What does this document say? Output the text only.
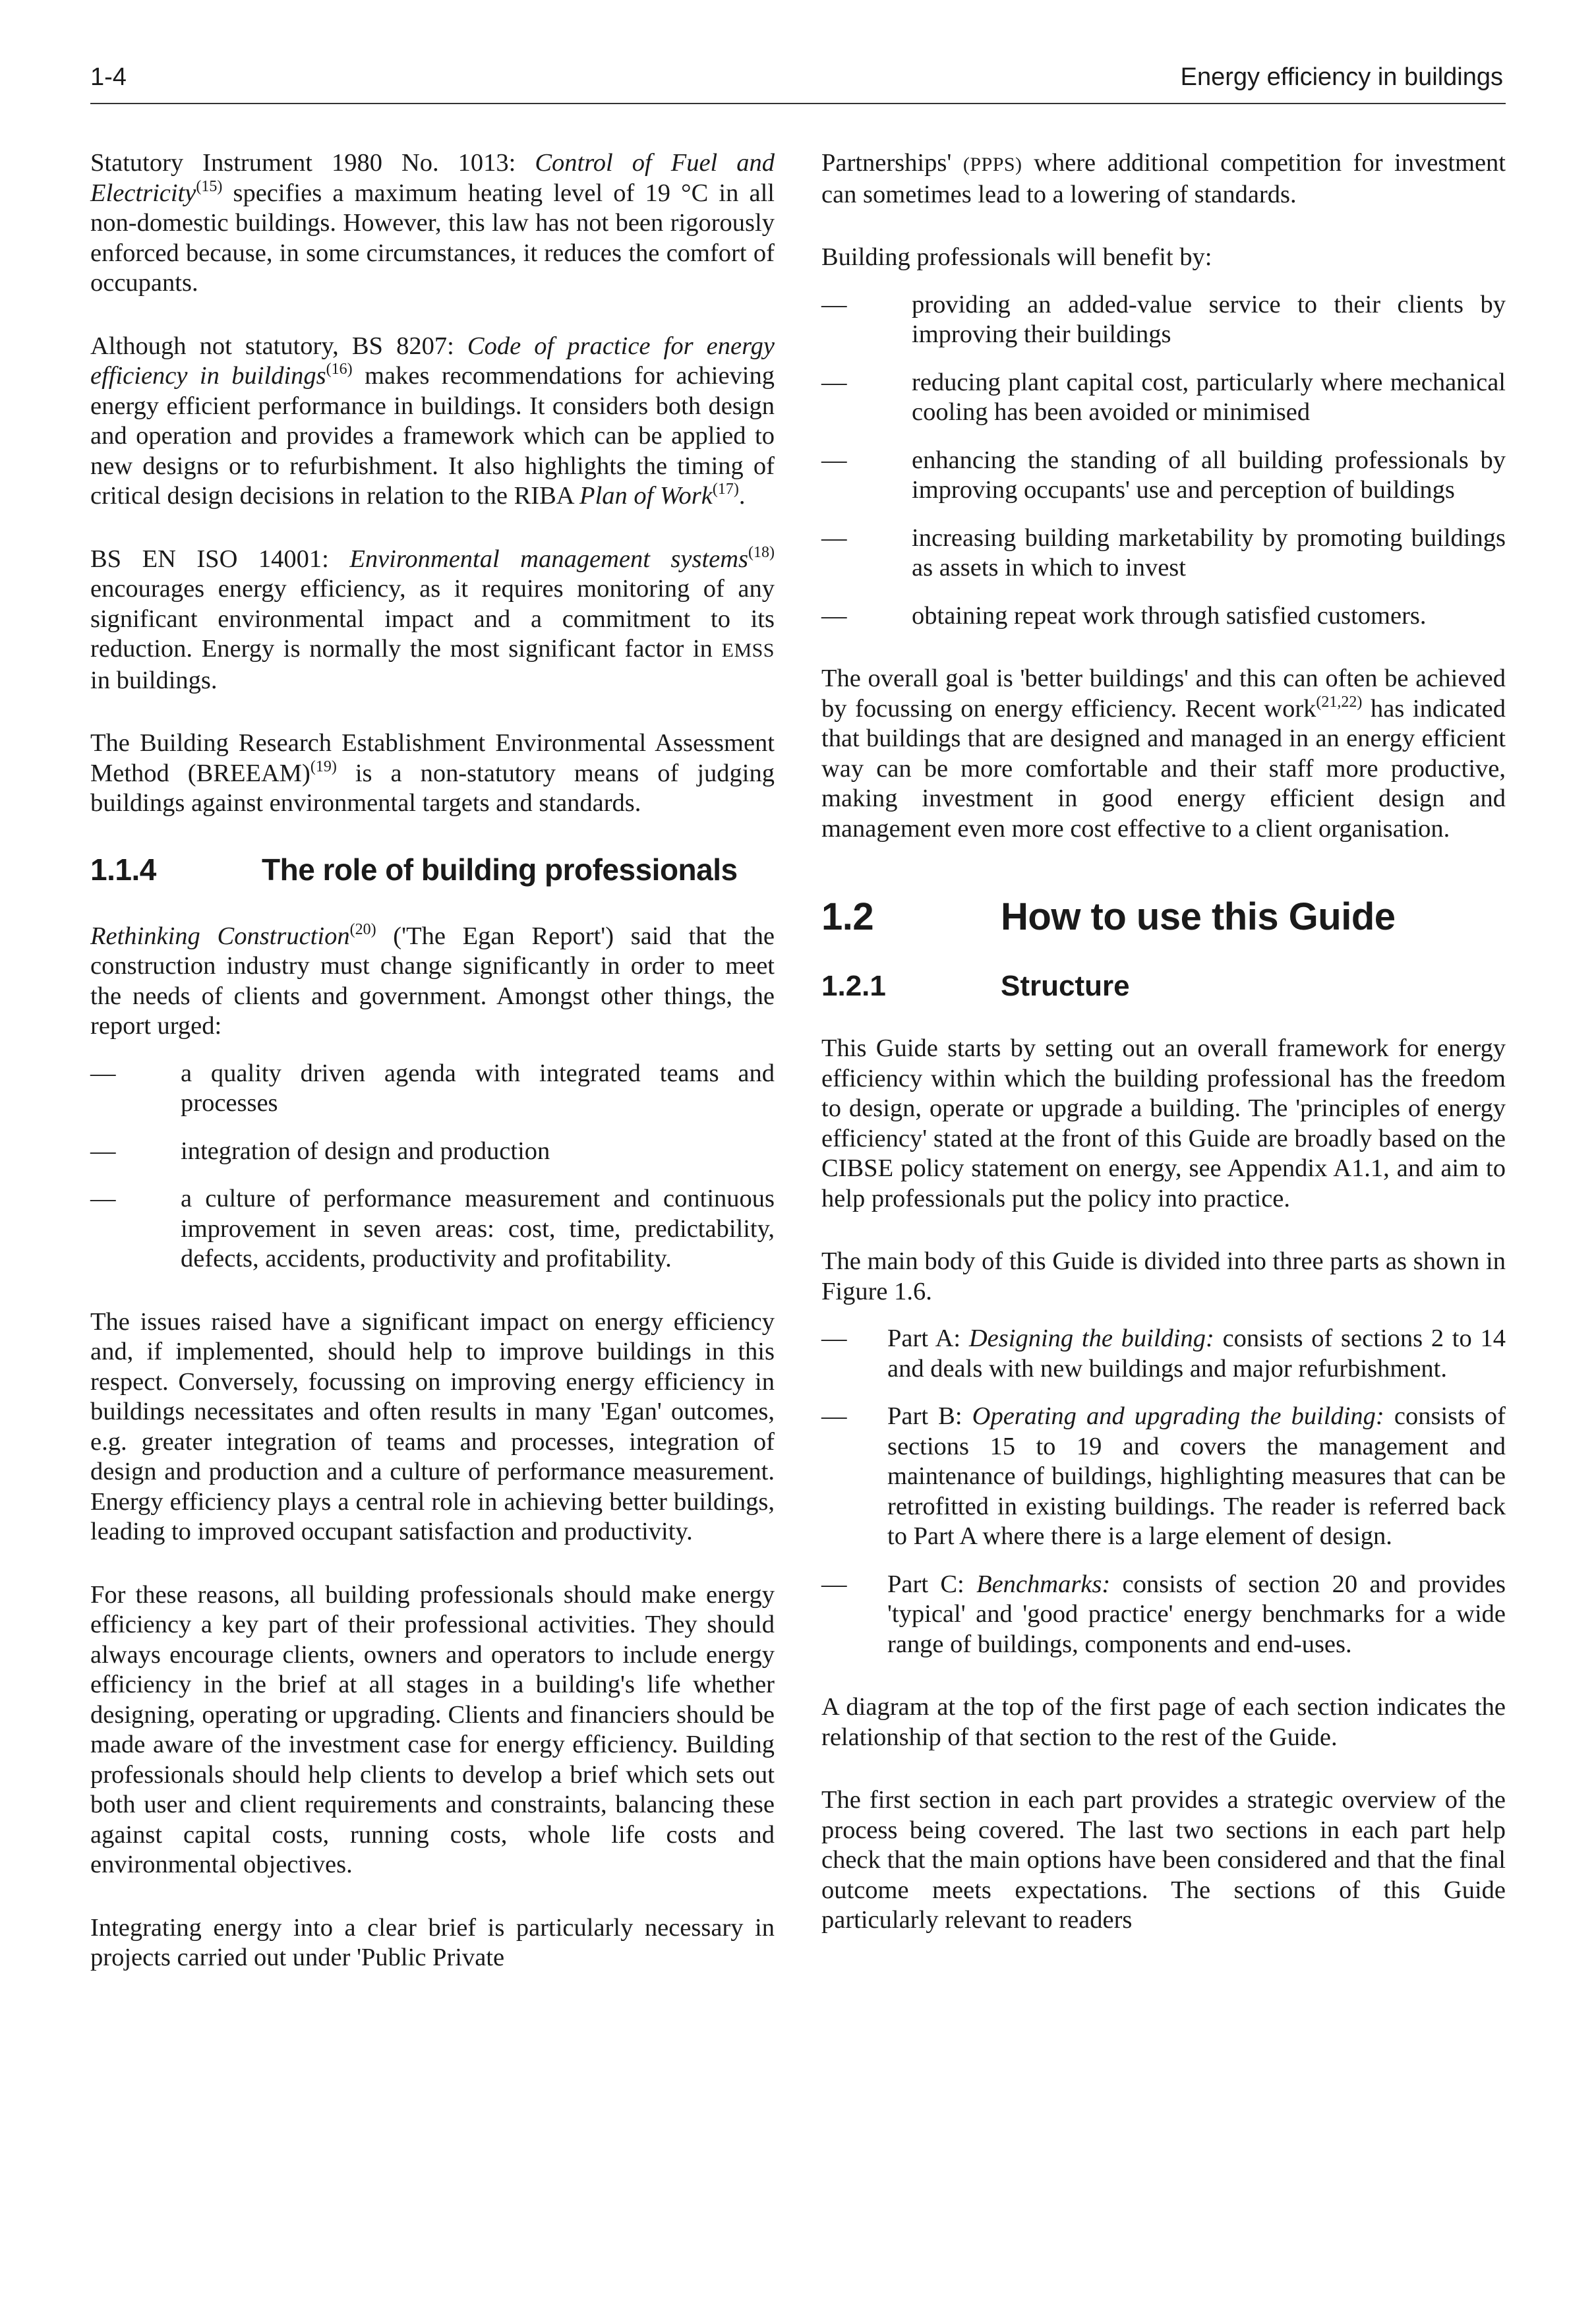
1-4	Energy efficiency in buildings

Statutory Instrument 1980 No. 1013: Control of Fuel and Electricity$^{(15)}$ specifies a maximum heating level of 19 °C in all non-domestic buildings. However, this law has not been rigorously enforced because, in some circumstances, it reduces the comfort of occupants.

Although not statutory, BS 8207: Code of practice for energy efficiency in buildings$^{(16)}$ makes recommendations for achieving energy efficient performance in buildings. It considers both design and operation and provides a framework which can be applied to new designs or to refurbishment. It also highlights the timing of critical design decisions in relation to the RIBA Plan of Work$^{(17)}$.

BS EN ISO 14001: Environmental management systems$^{(18)}$ encourages energy efficiency, as it requires monitoring of any significant environmental impact and a commitment to its reduction. Energy is normally the most significant factor in EMSS in buildings.

The Building Research Establishment Environmental Assessment Method (BREEAM)$^{(19)}$ is a non-statutory means of judging buildings against environmental targets and standards.

1.1.4	The role of building professionals

Rethinking Construction$^{(20)}$ ('The Egan Report') said that the construction industry must change significantly in order to meet the needs of clients and government. Amongst other things, the report urged:

—	a quality driven agenda with integrated teams and processes
—	integration of design and production
—	a culture of performance measurement and continuous improvement in seven areas: cost, time, predictability, defects, accidents, productivity and profitability.

The issues raised have a significant impact on energy efficiency and, if implemented, should help to improve buildings in this respect. Conversely, focussing on improving energy efficiency in buildings necessitates and often results in many 'Egan' outcomes, e.g. greater integration of teams and processes, integration of design and production and a culture of performance measurement. Energy efficiency plays a central role in achieving better buildings, leading to improved occupant satisfaction and productivity.

For these reasons, all building professionals should make energy efficiency a key part of their professional activities. They should always encourage clients, owners and operators to include energy efficiency in the brief at all stages in a building's life whether designing, operating or upgrading. Clients and financiers should be made aware of the investment case for energy efficiency. Building professionals should help clients to develop a brief which sets out both user and client requirements and constraints, balancing these against capital costs, running costs, whole life costs and environmental objectives.

Integrating energy into a clear brief is particularly necessary in projects carried out under 'Public Private

Partnerships' (PPPS) where additional competition for investment can sometimes lead to a lowering of standards.

Building professionals will benefit by:

—	providing an added-value service to their clients by improving their buildings
—	reducing plant capital cost, particularly where mechanical cooling has been avoided or minimised
—	enhancing the standing of all building professionals by improving occupants' use and perception of buildings
—	increasing building marketability by promoting buildings as assets in which to invest
—	obtaining repeat work through satisfied customers.

The overall goal is 'better buildings' and this can often be achieved by focussing on energy efficiency. Recent work$^{(21,22)}$ has indicated that buildings that are designed and managed in an energy efficient way can be more comfortable and their staff more productive, making investment in good energy efficient design and management even more cost effective to a client organisation.

1.2	How to use this Guide
1.2.1	Structure

This Guide starts by setting out an overall framework for energy efficiency within which the building professional has the freedom to design, operate or upgrade a building. The 'principles of energy efficiency' stated at the front of this Guide are broadly based on the CIBSE policy statement on energy, see Appendix A1.1, and aim to help professionals put the policy into practice.

The main body of this Guide is divided into three parts as shown in Figure 1.6.

— Part A: Designing the building: consists of sections 2 to 14 and deals with new buildings and major refurbishment.
— Part B: Operating and upgrading the building: consists of sections 15 to 19 and covers the management and maintenance of buildings, highlighting measures that can be retrofitted in existing buildings. The reader is referred back to Part A where there is a large element of design.
— Part C: Benchmarks: consists of section 20 and provides 'typical' and 'good practice' energy benchmarks for a wide range of buildings, components and end-uses.

A diagram at the top of the first page of each section indicates the relationship of that section to the rest of the Guide.

The first section in each part provides a strategic overview of the process being covered. The last two sections in each part help check that the main options have been considered and that the final outcome meets expectations. The sections of this Guide particularly relevant to readers
